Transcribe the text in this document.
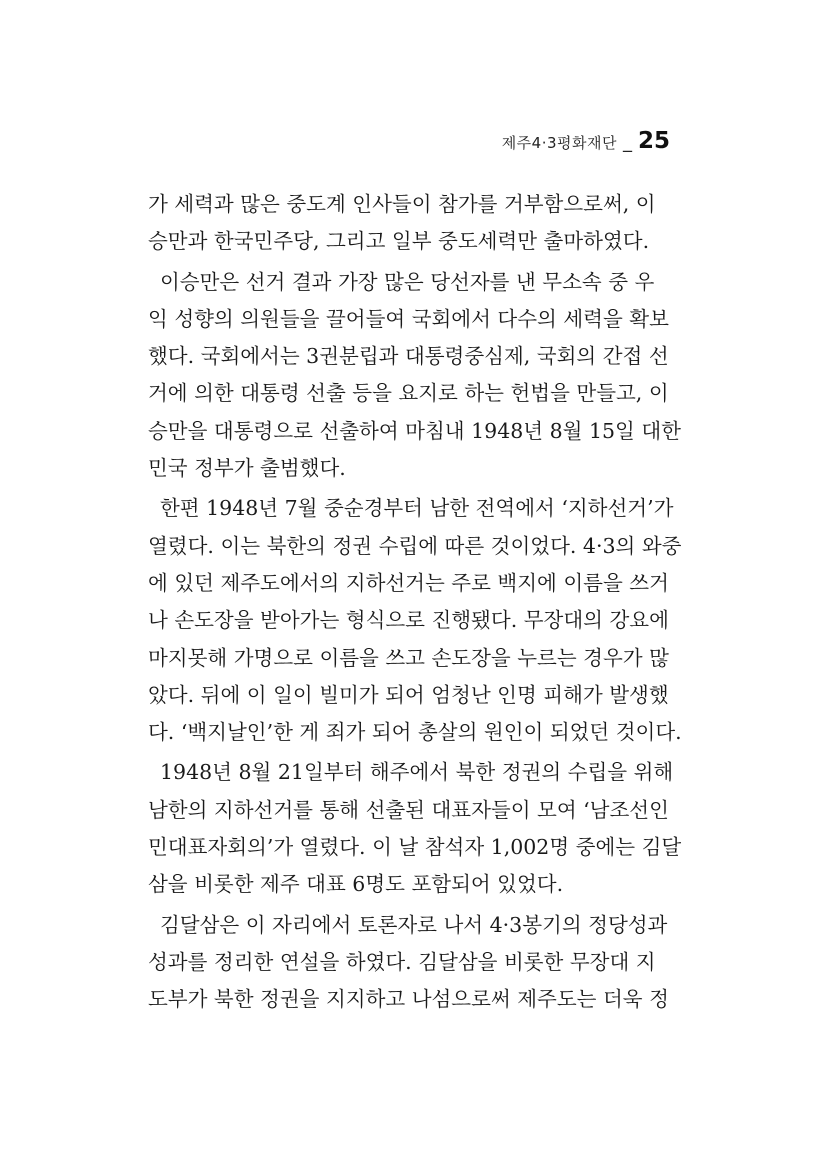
제주4·3평화재단 _ 25
가 세력과 많은 중도계 인사들이 참가를 거부함으로써, 이
승만과 한국민주당, 그리고 일부 중도세력만 출마하였다.
이승만은 선거 결과 가장 많은 당선자를 낸 무소속 중 우
익 성향의 의원들을 끌어들여 국회에서 다수의 세력을 확보
했다. 국회에서는 3권분립과 대통령중심제, 국회의 간접 선
거에 의한 대통령 선출 등을 요지로 하는 헌법을 만들고, 이
승만을 대통령으로 선출하여 마침내 1948년 8월 15일 대한
민국 정부가 출범했다.
한편 1948년 7월 중순경부터 남한 전역에서 ‘지하선거’가
열렸다. 이는 북한의 정권 수립에 따른 것이었다. 4·3의 와중
에 있던 제주도에서의 지하선거는 주로 백지에 이름을 쓰거
나 손도장을 받아가는 형식으로 진행됐다. 무장대의 강요에
마지못해 가명으로 이름을 쓰고 손도장을 누르는 경우가 많
았다. 뒤에 이 일이 빌미가 되어 엄청난 인명 피해가 발생했
다. ‘백지날인’한 게 죄가 되어 총살의 원인이 되었던 것이다.
1948년 8월 21일부터 해주에서 북한 정권의 수립을 위해
남한의 지하선거를 통해 선출된 대표자들이 모여 ‘남조선인
민대표자회의’가 열렸다. 이 날 참석자 1,002명 중에는 김달
삼을 비롯한 제주 대표 6명도 포함되어 있었다.
김달삼은 이 자리에서 토론자로 나서 4·3봉기의 정당성과
성과를 정리한 연설을 하였다. 김달삼을 비롯한 무장대 지
도부가 북한 정권을 지지하고 나섬으로써 제주도는 더욱 정
